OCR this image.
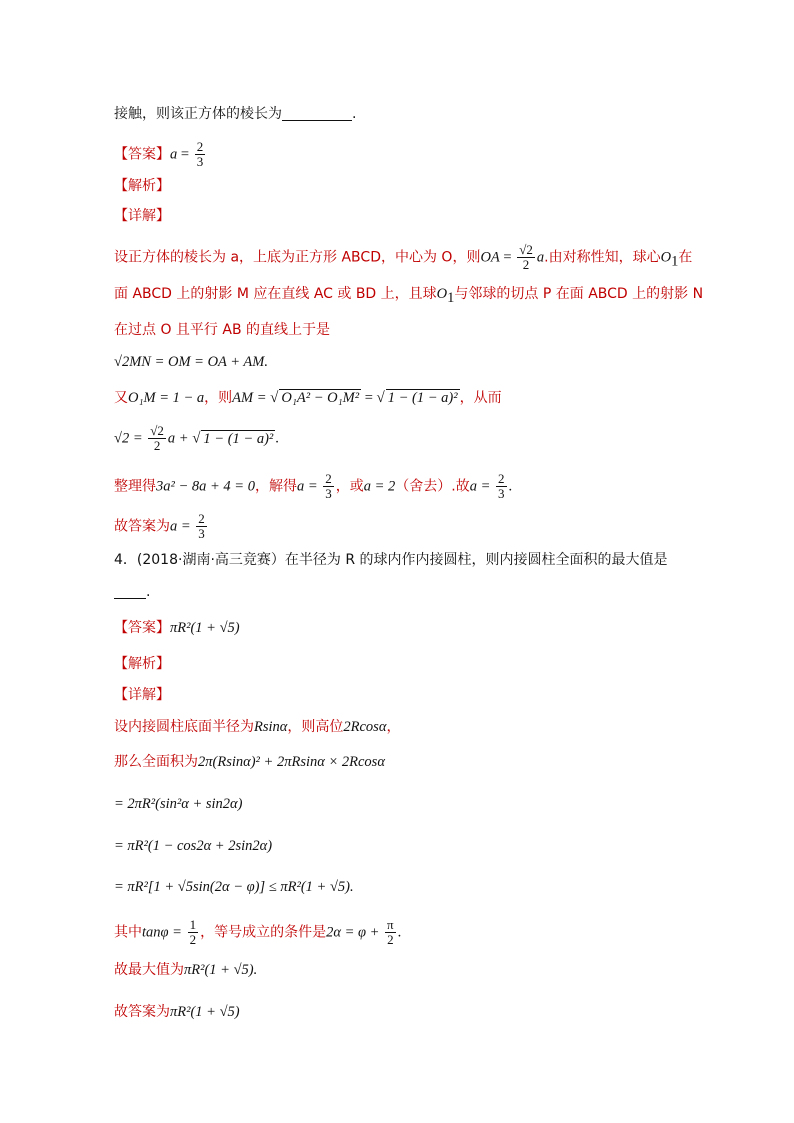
接触，则该正方体的棱长为	.
【答案】$a = \frac{2}{3}$
【解析】
【详解】
设正方体的棱长为 a，上底为正方形 ABCD，中心为 O，则OA = $\frac{√2}{2} a$.由对称性知，球心$O_1$在
面 ABCD 上的射影 M 应在直线 AC 或 BD 上，且球$O_1$与邻球的切点 P 在面 ABCD 上的射影 N
在过点 O 且平行 AB 的直线上于是
√2MN = OM = OA + AM.
又O₁M = 1 − a，则AM = √ O₁A² − O₁M² = √ 1 − (1 − a)² ，从而
$√2 = \frac{√2}{2}$ a + √ 1 − (1 − a)² .
整理得3a² − 8a + 4 = 0，解得$a = \frac{2}{3}$ ，或a = 2（舍去）.故$a = \frac{2}{3}$ .
故答案为$a = \frac{2}{3}$
4．(2018·湖南·高三竞赛）在半径为 R 的球内作内接圆柱，则内接圆柱全面积的最大值是
.
【答案】πR²(1 + √5)
【解析】
【详解】
设内接圆柱底面半径为Rsinα，则高位2Rcosα，
那么全面积为2π(Rsinα)² + 2πRsinα × 2Rcosα
= 2πR²(sin²α + sin2α)
= πR²(1 − cos2α + 2sin2α)
= πR²[1 + √5sin(2α − φ)] ≤ πR²(1 + √5).
其中$\tan\varphi = \frac{1}{2}$ ，等号成立的条件是$2\alpha = \varphi + \frac{\pi}{2}$ .
故最大值为πR²(1 + √5).
故答案为πR²(1 + √5)
